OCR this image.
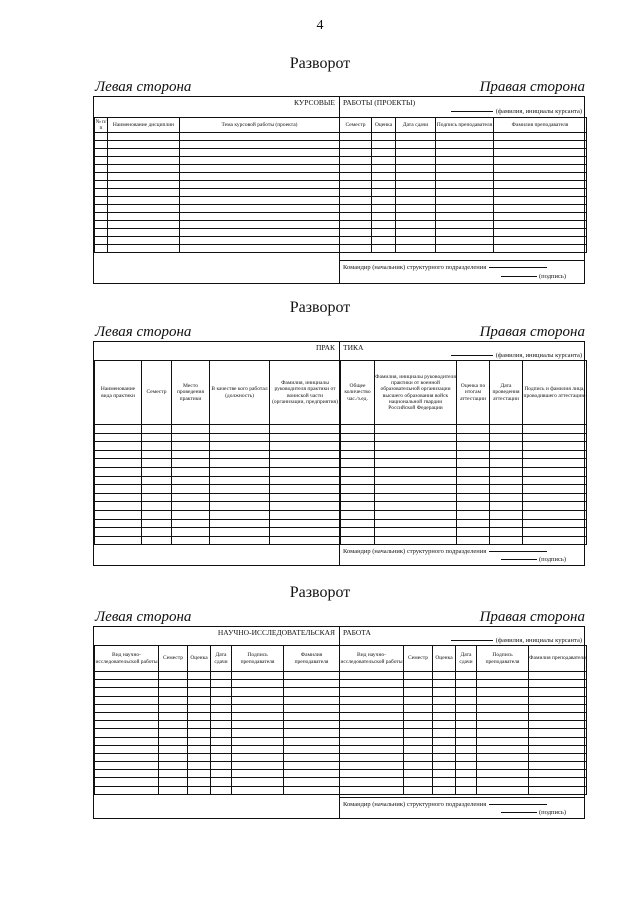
4
Разворот
Левая сторона	Правая сторона
КУРСОВЫЕ РАБОТЫ (ПРОЕКТЫ)
(фамилия, инициалы курсанта)
№ п/п	Наименование дисциплин	Тема курсовой работы (проекта)	Семестр	Оценка	Дата сдачи	Подпись преподавателя	Фамилия преподавателя

Командир (начальник) структурного подразделения
(подпись)
Разворот
Левая сторона	Правая сторона
ПРАК ТИКА
(фамилия, инициалы курсанта)
Наименование вида практики	Семестр	Место проведения практики	В качестве кого работал (должность)	Фамилия, инициалы руководителя практики от воинской части (организации, предприятия)	Общее количество час./з.ед.	Фамилия, инициалы руководителя практики от военной образовательной организации высшего образования войск национальной гвардии Российской Федерации	Оценка по итогам аттестации	Дата проведения аттестации	Подпись и фамилия лица, проводившего аттестацию

Командир (начальник) структурного подразделения
(подпись)
Разворот
Левая сторона	Правая сторона
НАУЧНО-ИССЛЕДОВАТЕЛЬСКАЯ РАБОТА
(фамилия, инициалы курсанта)
Вид научно-исследовательской работы	Семестр	Оценка	Дата сдачи	Подпись преподавателя	Фамилия преподавателя	Вид научно-исследовательской работы	Семестр	Оценка	Дата сдачи	Подпись преподавателя	Фамилия преподавателя

Командир (начальник) структурного подразделения
(подпись)
